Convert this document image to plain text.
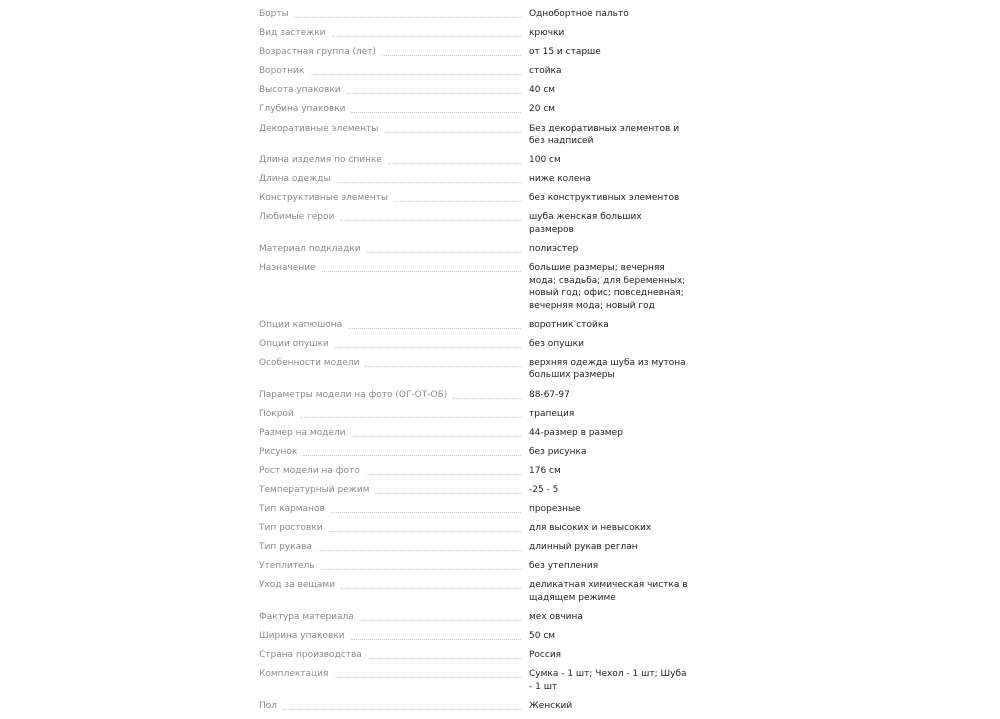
Борты	Однобортное пальто
Вид застежки	крючки
Возрастная группа (лет)	от 15 и старше
Воротник	стойка
Высота упаковки	40 см
Глубина упаковки	20 см
Декоративные элементы	Без декоративных элементов и без надписей
Длина изделия по спинке	100 см
Длина одежды	ниже колена
Конструктивные элементы	без конструктивных элементов
Любимые герои	шуба женская больших размеров
Материал подкладки	полиэстер
Назначение	большие размеры; вечерняя мода; свадьба; для беременных; новый год; офис; повседневная; вечерняя мода; новый год
Опции капюшона	воротник стойка
Опции опушки	без опушки
Особенности модели	верхняя одежда шуба из мутона больших размеры
Параметры модели на фото (ОГ-ОТ-ОБ)	88-67-97
Покрой	трапеция
Размер на модели	44-размер в размер
Рисунок	без рисунка
Рост модели на фото	176 см
Температурный режим	-25 - 5
Тип карманов	прорезные
Тип ростовки	для высоких и невысоких
Тип рукава	длинный рукав реглан
Утеплитель	без утепления
Уход за вещами	деликатная химическая чистка в щадящем режиме
Фактура материала	мех овчина
Ширина упаковки	50 см
Страна производства	Россия
Комплектация	Сумка - 1 шт; Чехол - 1 шт; Шуба - 1 шт
Пол	Женский
